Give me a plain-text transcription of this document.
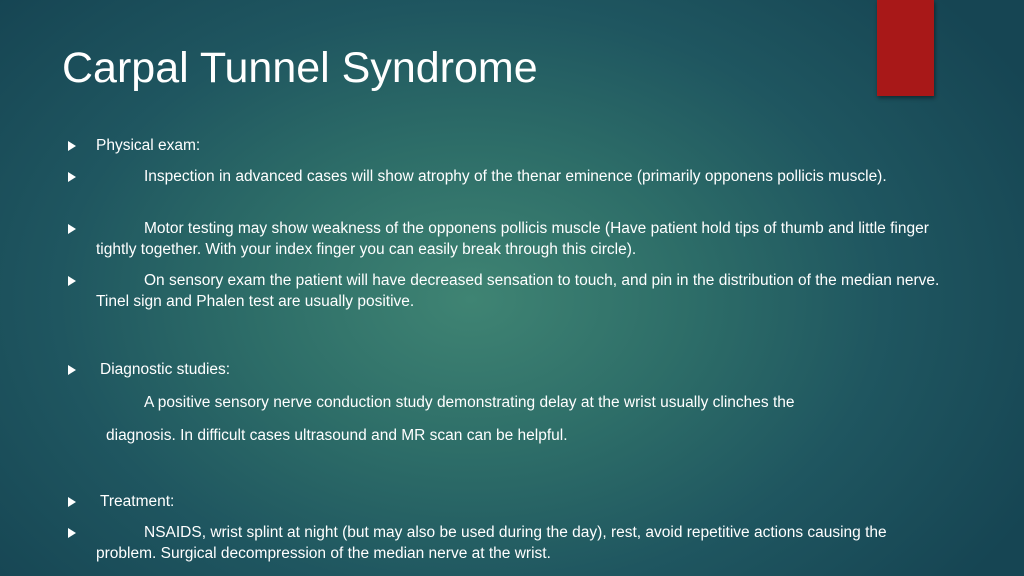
Carpal Tunnel Syndrome
Physical exam:
Inspection in advanced cases will show atrophy of the thenar eminence (primarily opponens pollicis muscle).
Motor testing may show weakness of the opponens pollicis muscle (Have patient hold tips of thumb and little finger tightly together. With your index finger you can easily break through this circle).
On sensory exam the patient will have decreased sensation to touch, and pin in the distribution of the median nerve. Tinel sign and Phalen test are usually positive.
Diagnostic studies:
A positive sensory nerve conduction study demonstrating delay at the wrist usually clinches the
diagnosis. In difficult cases ultrasound and MR scan can be helpful.
Treatment:
NSAIDS, wrist splint at night (but may also be used during the day), rest, avoid repetitive actions causing the problem. Surgical decompression of the median nerve at the wrist.
